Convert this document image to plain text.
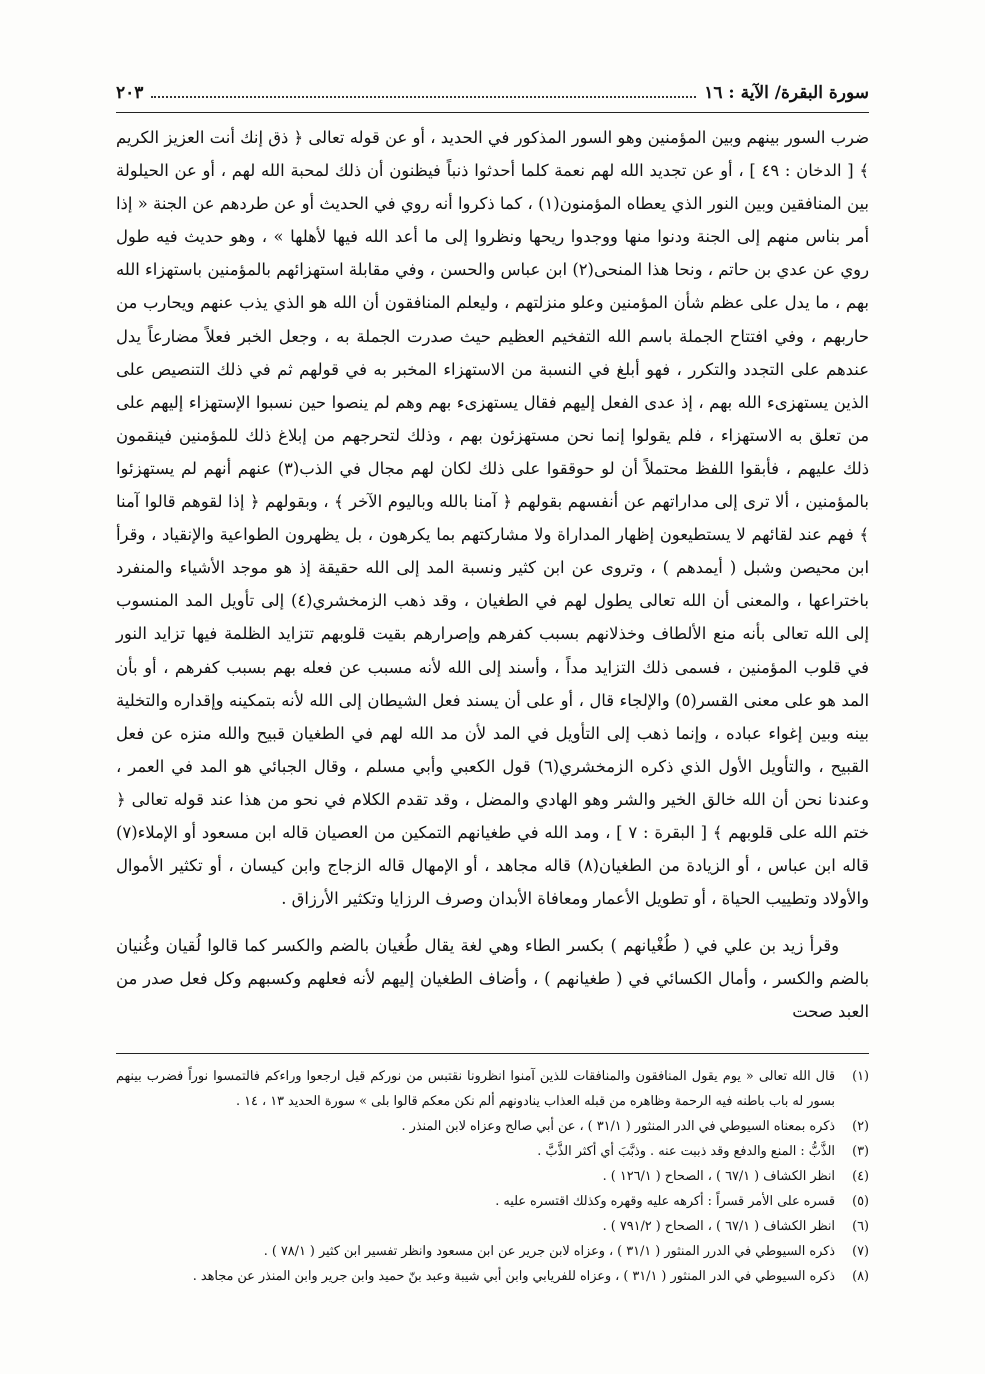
سورة البقرة/ الآية : ١٦
٢٠٣

ضرب السور بينهم وبين المؤمنين وهو السور المذكور في الحديد ، أو عن قوله تعالى ﴿ ذق إنك أنت العزيز الكريم ﴾ [ الدخان : ٤٩ ] ، أو عن تجديد الله لهم نعمة كلما أحدثوا ذنباً فيظنون أن ذلك لمحبة الله لهم ، أو عن الحيلولة بين المنافقين وبين النور الذي يعطاه المؤمنون(١) ، كما ذكروا أنه روي في الحديث أو عن طردهم عن الجنة « إذا أمر بناس منهم إلى الجنة ودنوا منها ووجدوا ريحها ونظروا إلى ما أعد الله فيها لأهلها » ، وهو حديث فيه طول روي عن عدي بن حاتم ، ونحا هذا المنحى(٢) ابن عباس والحسن ، وفي مقابلة استهزائهم بالمؤمنين باستهزاء الله بهم ، ما يدل على عظم شأن المؤمنين وعلو منزلتهم ، وليعلم المنافقون أن الله هو الذي يذب عنهم ويحارب من حاربهم ، وفي افتتاح الجملة باسم الله التفخيم العظيم حيث صدرت الجملة به ، وجعل الخبر فعلاً مضارعاً يدل عندهم على التجدد والتكرر ، فهو أبلغ في النسبة من الاستهزاء المخبر به في قولهم ثم في ذلك التنصيص على الذين يستهزىء الله بهم ، إذ عدى الفعل إليهم فقال يستهزىء بهم وهم لم ينصوا حين نسبوا الإستهزاء إليهم على من تعلق به الاستهزاء ، فلم يقولوا إنما نحن مستهزئون بهم ، وذلك لتحرجهم من إبلاغ ذلك للمؤمنين فينقمون ذلك عليهم ، فأبقوا اللفظ محتملاً أن لو حوققوا على ذلك لكان لهم مجال في الذب(٣) عنهم أنهم لم يستهزئوا بالمؤمنين ، ألا ترى إلى مداراتهم عن أنفسهم بقولهم ﴿ آمنا بالله وباليوم الآخر ﴾ ، وبقولهم ﴿ إذا لقوهم قالوا آمنا ﴾ فهم عند لقائهم لا يستطيعون إظهار المداراة ولا مشاركتهم بما يكرهون ، بل يظهرون الطواعية والإنقياد ، وقرأ ابن محيصن وشبل ( أيمدهم ) ، وتروى عن ابن كثير ونسبة المد إلى الله حقيقة إذ هو موجد الأشياء والمنفرد باختراعها ، والمعنى أن الله تعالى يطول لهم في الطغيان ، وقد ذهب الزمخشري(٤) إلى تأويل المد المنسوب إلى الله تعالى بأنه منع الألطاف وخذلانهم بسبب كفرهم وإصرارهم بقيت قلوبهم تتزايد الظلمة فيها تزايد النور في قلوب المؤمنين ، فسمى ذلك التزايد مداً ، وأسند إلى الله لأنه مسبب عن فعله بهم بسبب كفرهم ، أو بأن المد هو على معنى القسر(٥) والإلجاء قال ، أو على أن يسند فعل الشيطان إلى الله لأنه بتمكينه وإقداره والتخلية بينه وبين إغواء عباده ، وإنما ذهب إلى التأويل في المد لأن مد الله لهم في الطغيان قبيح والله منزه عن فعل القبيح ، والتأويل الأول الذي ذكره الزمخشري(٦) قول الكعبي وأبي مسلم ، وقال الجبائي هو المد في العمر ، وعندنا نحن أن الله خالق الخير والشر وهو الهادي والمضل ، وقد تقدم الكلام في نحو من هذا عند قوله تعالى ﴿ ختم الله على قلوبهم ﴾ [ البقرة : ٧ ] ، ومد الله في طغيانهم التمكين من العصيان قاله ابن مسعود أو الإملاء(٧) قاله ابن عباس ، أو الزيادة من الطغيان(٨) قاله مجاهد ، أو الإمهال قاله الزجاج وابن كيسان ، أو تكثير الأموال والأولاد وتطييب الحياة ، أو تطويل الأعمار ومعافاة الأبدان وصرف الرزايا وتكثير الأرزاق .

وقرأ زيد بن علي في ( طُغْيانهم ) بكسر الطاء وهي لغة يقال طُغيان بالضم والكسر كما قالوا لُقيان وغُنيان بالضم والكسر ، وأمال الكسائي في ( طغيانهم ) ، وأضاف الطغيان إليهم لأنه فعلهم وكسبهم وكل فعل صدر من العبد صحت

(١)
قال الله تعالى « يوم يقول المنافقون والمنافقات للذين آمنوا انظرونا نقتبس من نوركم قيل ارجعوا وراءكم فالتمسوا نوراً فضرب بينهم بسور له باب باطنه فيه الرحمة وظاهره من قبله العذاب ينادونهم ألم نكن معكم قالوا بلى » سورة الحديد ١٣ ، ١٤ .
(٢)
ذكره بمعناه السيوطي في الدر المنثور ( ٣١/١ ) ، عن أبي صالح وعزاه لابن المنذر .
(٣)
الذَّبُّ : المنع والدفع وقد ذببت عنه . وذبَّبَ أي أكثر الذَّبَّ .
(٤)
انظر الكشاف ( ٦٧/١ ) ، الصحاح ( ١٢٦/١ ) .
(٥)
قسره على الأمر قسراً : أكرهه عليه وقهره وكذلك اقتسره عليه .
(٦)
انظر الكشاف ( ٦٧/١ ) ، الصحاح ( ٧٩١/٢ ) .
(٧)
ذكره السيوطي في الدرر المنثور ( ٣١/١ ) ، وعزاه لابن جرير عن ابن مسعود وانظر تفسير ابن كثير ( ٧٨/١ ) .
(٨)
ذكره السيوطي في الدر المنثور ( ٣١/١ ) ، وعزاه للفريابي وابن أبي شيبة وعبد بنّ حميد وابن جرير وابن المنذر عن مجاهد .
